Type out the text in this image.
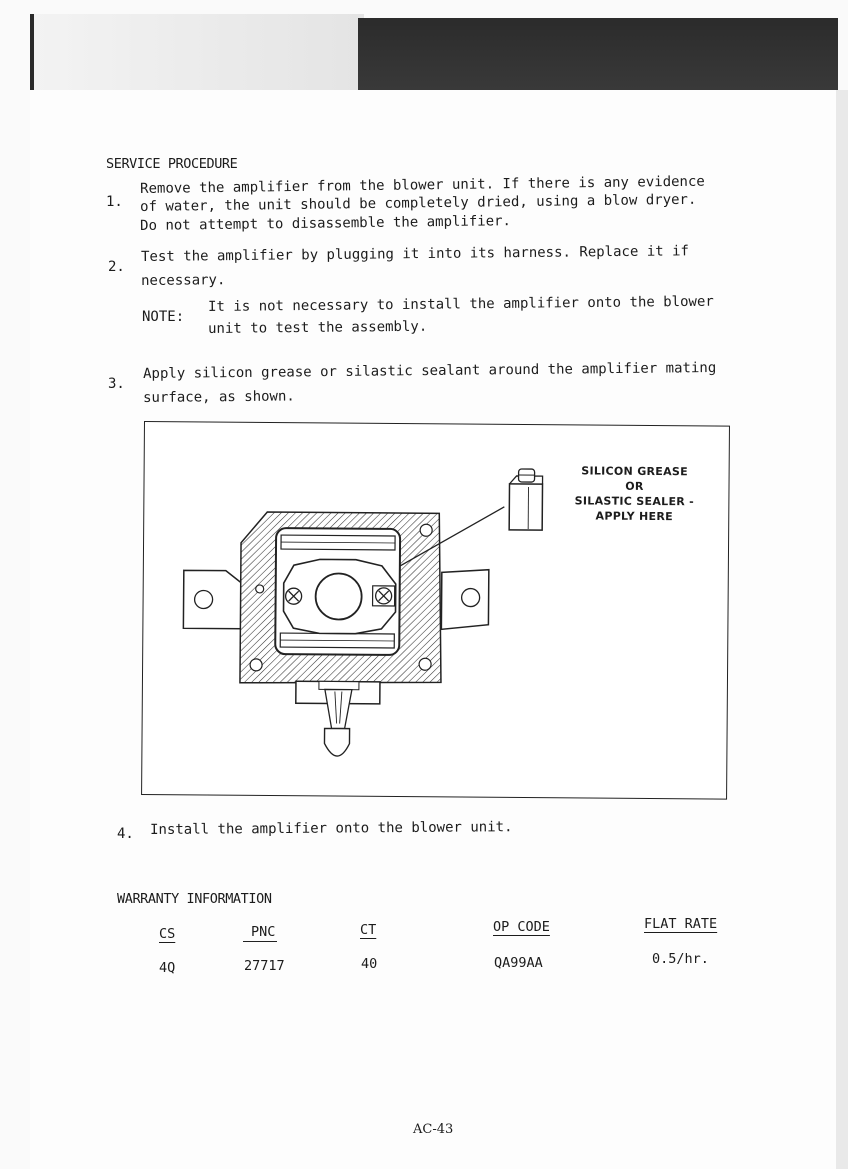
SERVICE PROCEDURE
1.
Remove the amplifier from the blower unit. If there is any evidence
of water, the unit should be completely dried, using a blow dryer.
Do not attempt to disassemble the amplifier.
2.
Test the amplifier by plugging it into its harness. Replace it if
necessary.
NOTE:
It is not necessary to install the amplifier onto the blower
unit to test the assembly.
3.
Apply silicon grease or silastic sealant around the amplifier mating
surface, as shown.
SILICON GREASE
OR
SILASTIC SEALER -
APPLY HERE
4. Install the amplifier onto the blower unit.
WARRANTY INFORMATION
CS	PNC	CT	OP CODE	FLAT RATE
4Q	27717	40	QA99AA	0.5/hr.
AC-43
